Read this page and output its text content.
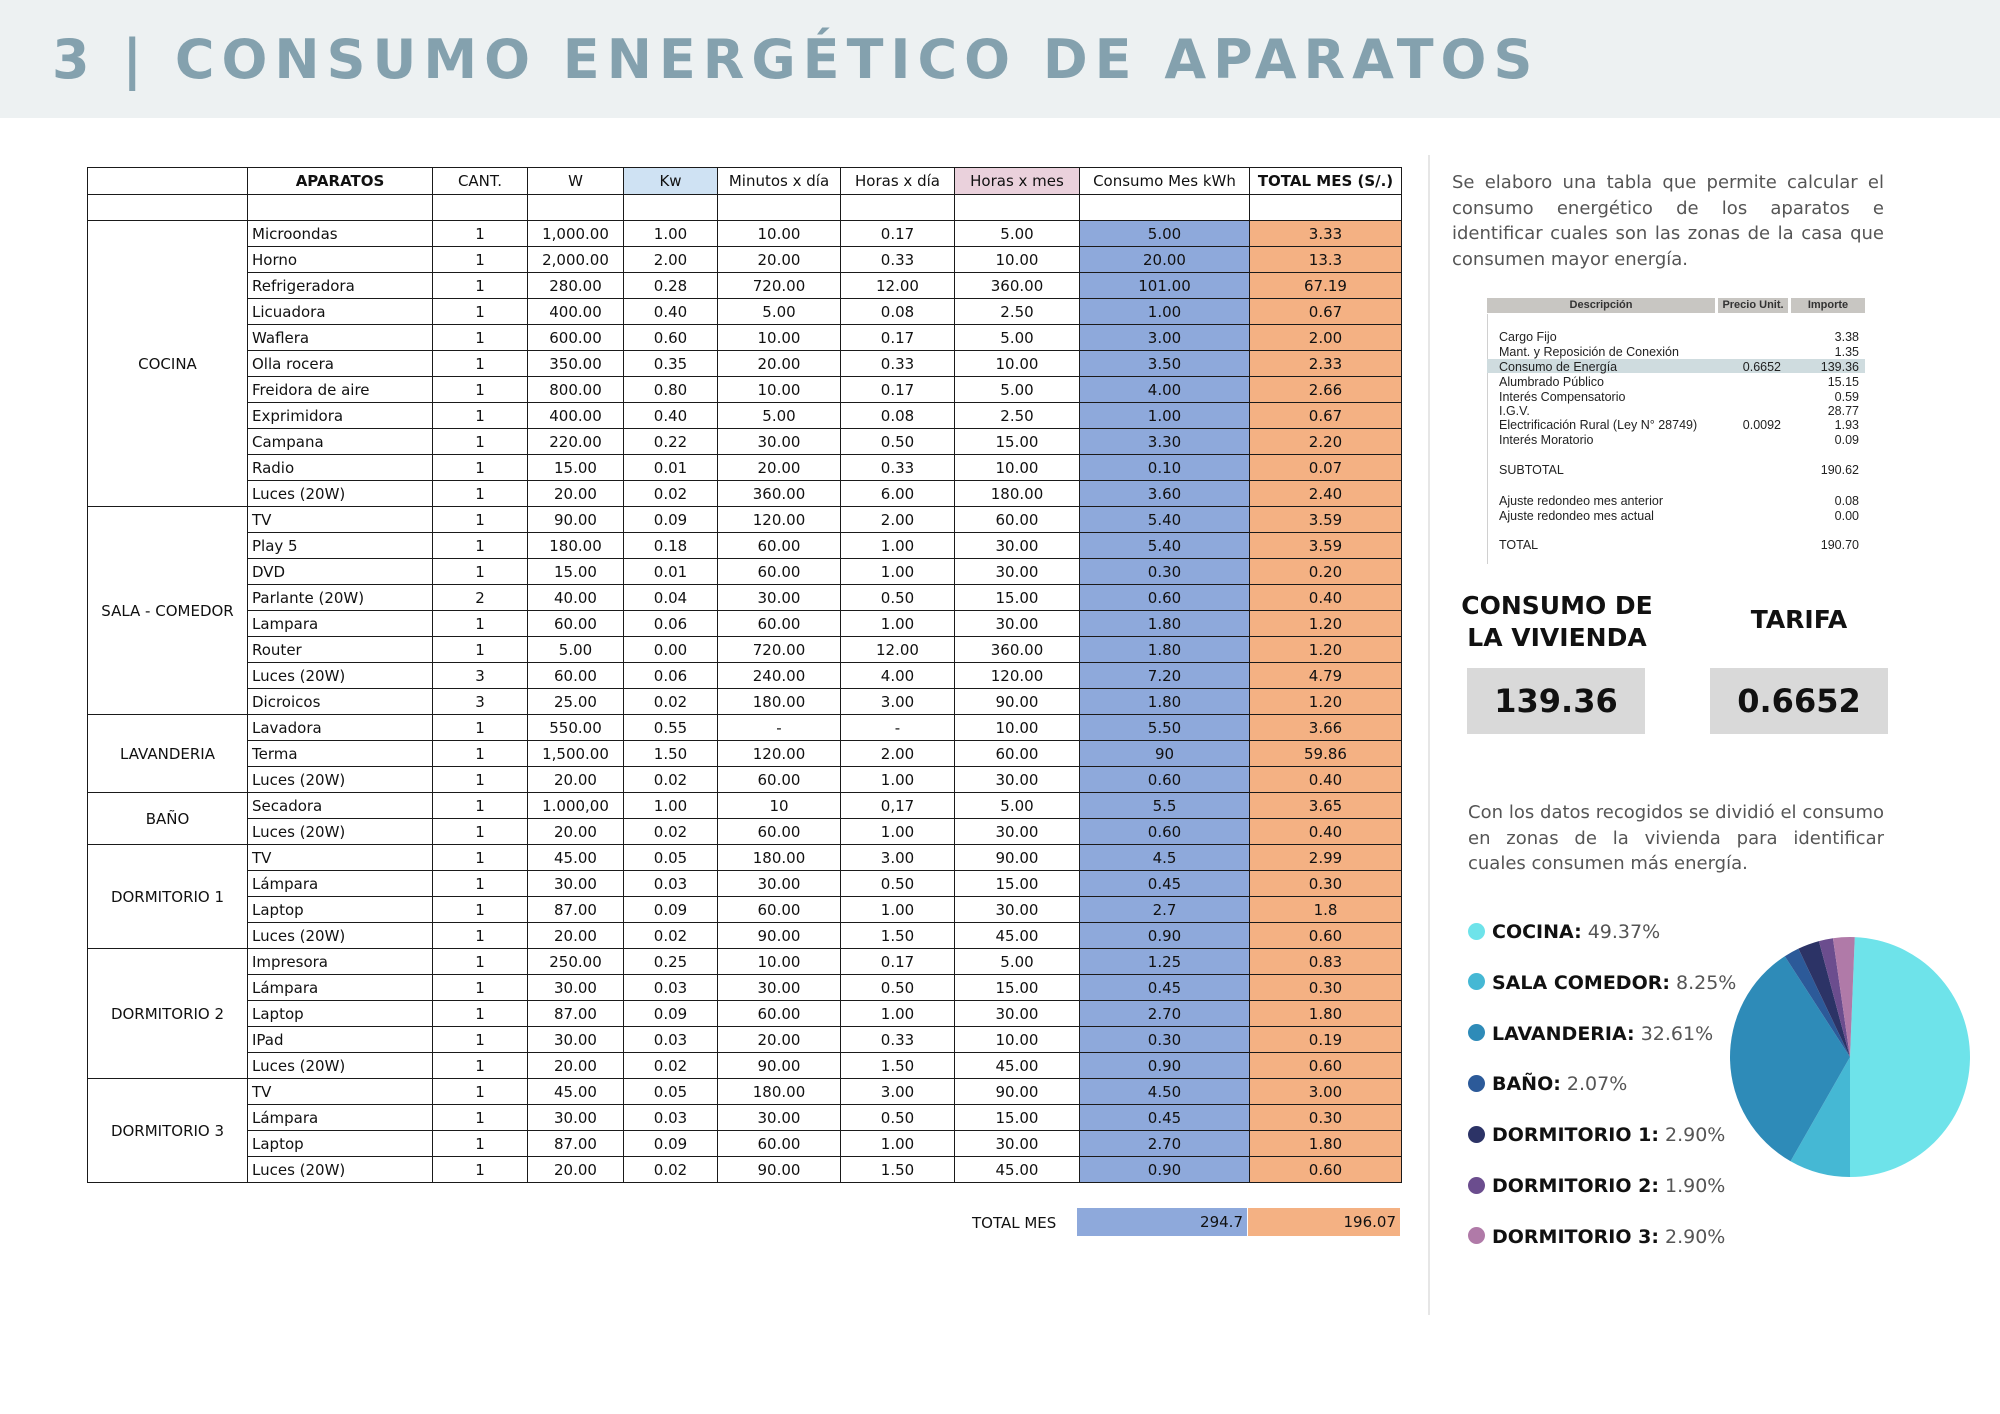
3 | CONSUMO ENERGÉTICO DE APARATOS
	APARATOS	CANT.	W	Kw	Minutos x día	Horas x día	Horas x mes	Consumo Mes kWh	TOTAL MES (S/.)

COCINA	Microondas	1	1,000.00	1.00	10.00	0.17	5.00	5.00	3.33
	Horno	1	2,000.00	2.00	20.00	0.33	10.00	20.00	13.3
	Refrigeradora	1	280.00	0.28	720.00	12.00	360.00	101.00	67.19
	Licuadora	1	400.00	0.40	5.00	0.08	2.50	1.00	0.67
	Waflera	1	600.00	0.60	10.00	0.17	5.00	3.00	2.00
	Olla rocera	1	350.00	0.35	20.00	0.33	10.00	3.50	2.33
	Freidora de aire	1	800.00	0.80	10.00	0.17	5.00	4.00	2.66
	Exprimidora	1	400.00	0.40	5.00	0.08	2.50	1.00	0.67
	Campana	1	220.00	0.22	30.00	0.50	15.00	3.30	2.20
	Radio	1	15.00	0.01	20.00	0.33	10.00	0.10	0.07
	Luces (20W)	1	20.00	0.02	360.00	6.00	180.00	3.60	2.40
SALA - COMEDOR	TV	1	90.00	0.09	120.00	2.00	60.00	5.40	3.59
	Play 5	1	180.00	0.18	60.00	1.00	30.00	5.40	3.59
	DVD	1	15.00	0.01	60.00	1.00	30.00	0.30	0.20
	Parlante (20W)	2	40.00	0.04	30.00	0.50	15.00	0.60	0.40
	Lampara	1	60.00	0.06	60.00	1.00	30.00	1.80	1.20
	Router	1	5.00	0.00	720.00	12.00	360.00	1.80	1.20
	Luces (20W)	3	60.00	0.06	240.00	4.00	120.00	7.20	4.79
	Dicroicos	3	25.00	0.02	180.00	3.00	90.00	1.80	1.20
LAVANDERIA	Lavadora	1	550.00	0.55	-	-	10.00	5.50	3.66
	Terma	1	1,500.00	1.50	120.00	2.00	60.00	90	59.86
	Luces (20W)	1	20.00	0.02	60.00	1.00	30.00	0.60	0.40
BAÑO	Secadora	1	1.000,00	1.00	10	0,17	5.00	5.5	3.65
	Luces (20W)	1	20.00	0.02	60.00	1.00	30.00	0.60	0.40
DORMITORIO 1	TV	1	45.00	0.05	180.00	3.00	90.00	4.5	2.99
	Lámpara	1	30.00	0.03	30.00	0.50	15.00	0.45	0.30
	Laptop	1	87.00	0.09	60.00	1.00	30.00	2.7	1.8
	Luces (20W)	1	20.00	0.02	90.00	1.50	45.00	0.90	0.60
DORMITORIO 2	Impresora	1	250.00	0.25	10.00	0.17	5.00	1.25	0.83
	Lámpara	1	30.00	0.03	30.00	0.50	15.00	0.45	0.30
	Laptop	1	87.00	0.09	60.00	1.00	30.00	2.70	1.80
	IPad	1	30.00	0.03	20.00	0.33	10.00	0.30	0.19
	Luces (20W)	1	20.00	0.02	90.00	1.50	45.00	0.90	0.60
DORMITORIO 3	TV	1	45.00	0.05	180.00	3.00	90.00	4.50	3.00
	Lámpara	1	30.00	0.03	30.00	0.50	15.00	0.45	0.30
	Laptop	1	87.00	0.09	60.00	1.00	30.00	2.70	1.80
	Luces (20W)	1	20.00	0.02	90.00	1.50	45.00	0.90	0.60
TOTAL MES	294.7	196.07
Se elaboro una tabla que permite calcular el consumo energético de los aparatos e identificar cuales son las zonas de la casa que consumen mayor energía.
Descripción	Precio Unit.	Importe
Cargo Fijo	3.38
Mant. y Reposición de Conexión	1.35
Consumo de Energía	0.6652	139.36
Alumbrado Público	15.15
Interés Compensatorio	0.59
I.G.V.	28.77
Electrificación Rural (Ley N° 28749)	0.0092	1.93
Interés Moratorio	0.09
SUBTOTAL	190.62
Ajuste redondeo mes anterior	0.08
Ajuste redondeo mes actual	0.00
TOTAL	190.70
CONSUMO DE LA VIVIENDA
TARIFA
139.36	0.6652
Con los datos recogidos se dividió el consumo en zonas de la vivienda para identificar cuales consumen más energía.
COCINA: 49.37%
SALA COMEDOR: 8.25%
LAVANDERIA: 32.61%
BAÑO: 2.07%
DORMITORIO 1: 2.90%
DORMITORIO 2: 1.90%
DORMITORIO 3: 2.90%
